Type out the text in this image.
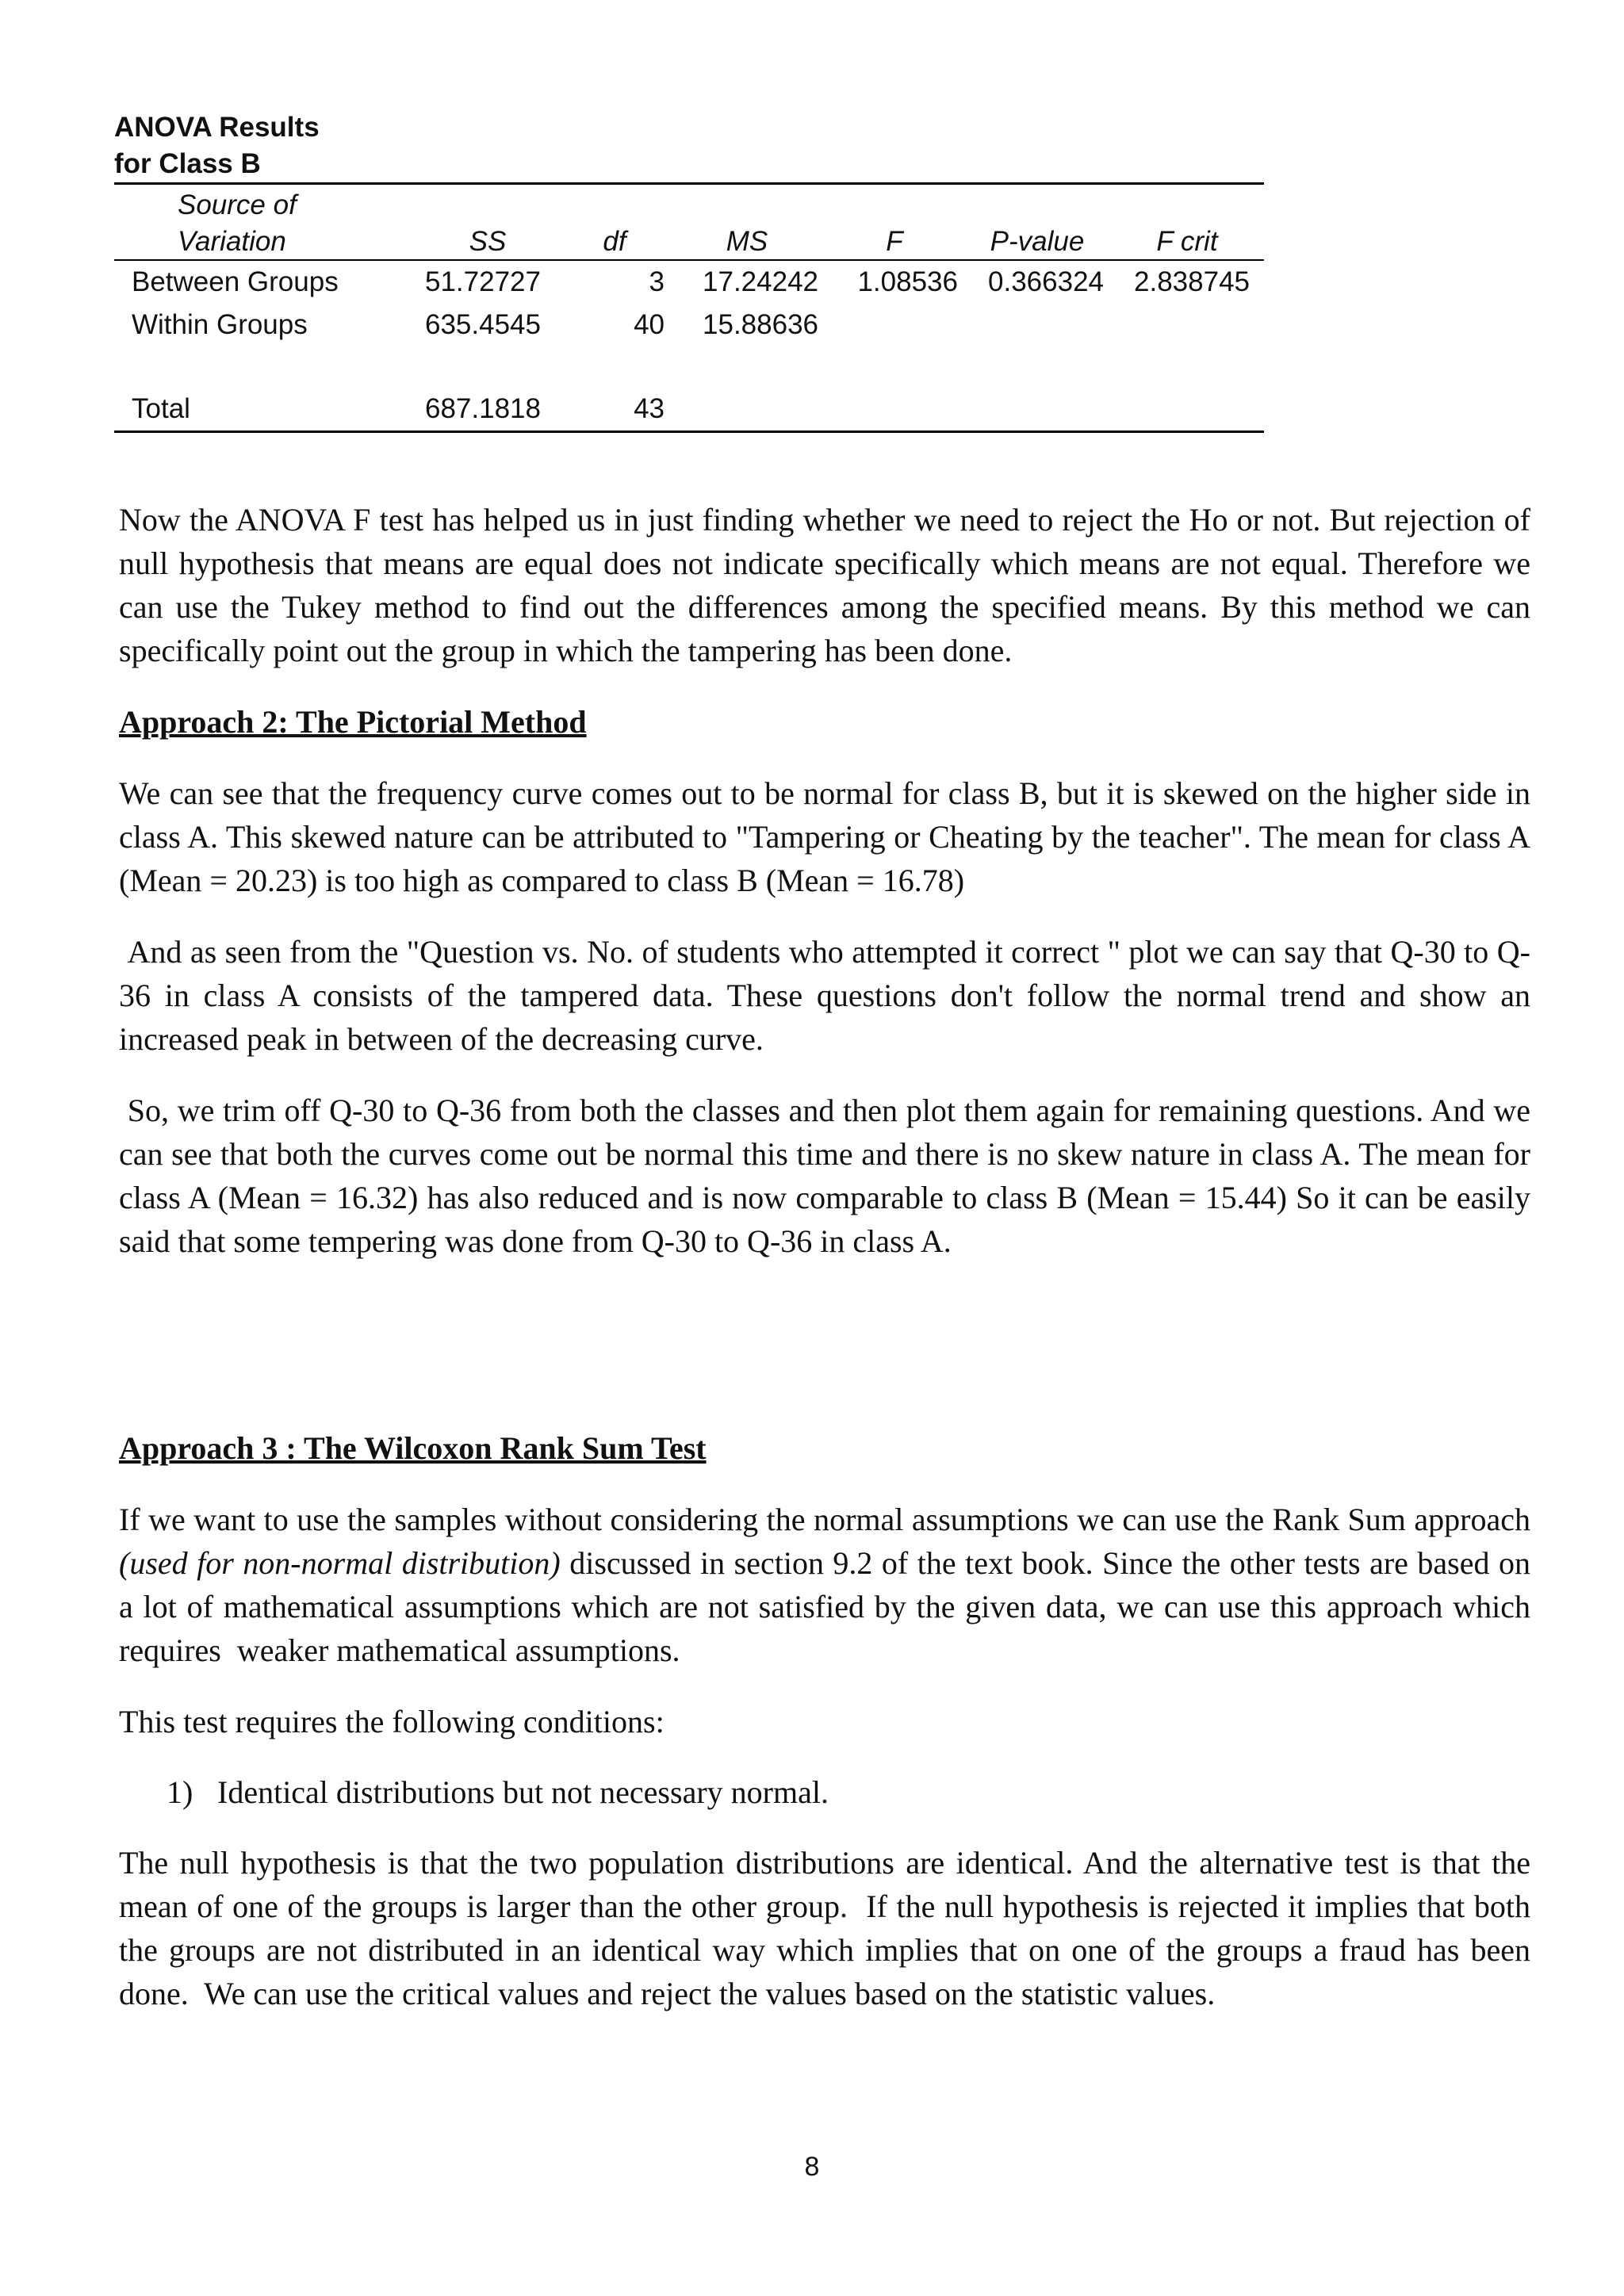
ANOVA Results
for Class B
Source of						
Variation	SS	df	MS	F	P-value	F crit
Between Groups	51.72727	3	17.24242	1.08536	0.366324	2.838745
Within Groups	635.4545	40	15.88636			

Total	687.1818	43				

Now the ANOVA F test has helped us in just finding whether we need to reject the Ho or not. But rejection of null hypothesis that means are equal does not indicate specifically which means are not equal. Therefore we can use the Tukey method to find out the differences among the specified means. By this method we can specifically point out the group in which the tampering has been done.

Approach 2: The Pictorial Method

We can see that the frequency curve comes out to be normal for class B, but it is skewed on the higher side in class A. This skewed nature can be attributed to "Tampering or Cheating by the teacher". The mean for class A (Mean = 20.23) is too high as compared to class B (Mean = 16.78)

And as seen from the "Question vs. No. of students who attempted it correct " plot we can say that Q-30 to Q- 36 in class A consists of the tampered data. These questions don't follow the normal trend and show an increased peak in between of the decreasing curve.

So, we trim off Q-30 to Q-36 from both the classes and then plot them again for remaining questions. And we can see that both the curves come out be normal this time and there is no skew nature in class A. The mean for class A (Mean = 16.32) has also reduced and is now comparable to class B (Mean = 15.44) So it can be easily said that some tempering was done from Q-30 to Q-36 in class A.

Approach 3 : The Wilcoxon Rank Sum Test

If we want to use the samples without considering the normal assumptions we can use the Rank Sum approach (used for non-normal distribution) discussed in section 9.2 of the text book. Since the other tests are based on a lot of mathematical assumptions which are not satisfied by the given data, we can use this approach which requires  weaker mathematical assumptions.

This test requires the following conditions:

1) Identical distributions but not necessary normal.

The null hypothesis is that the two population distributions are identical. And the alternative test is that the mean of one of the groups is larger than the other group.  If the null hypothesis is rejected it implies that both the groups are not distributed in an identical way which implies that on one of the groups a fraud has been done.  We can use the critical values and reject the values based on the statistic values.

8
